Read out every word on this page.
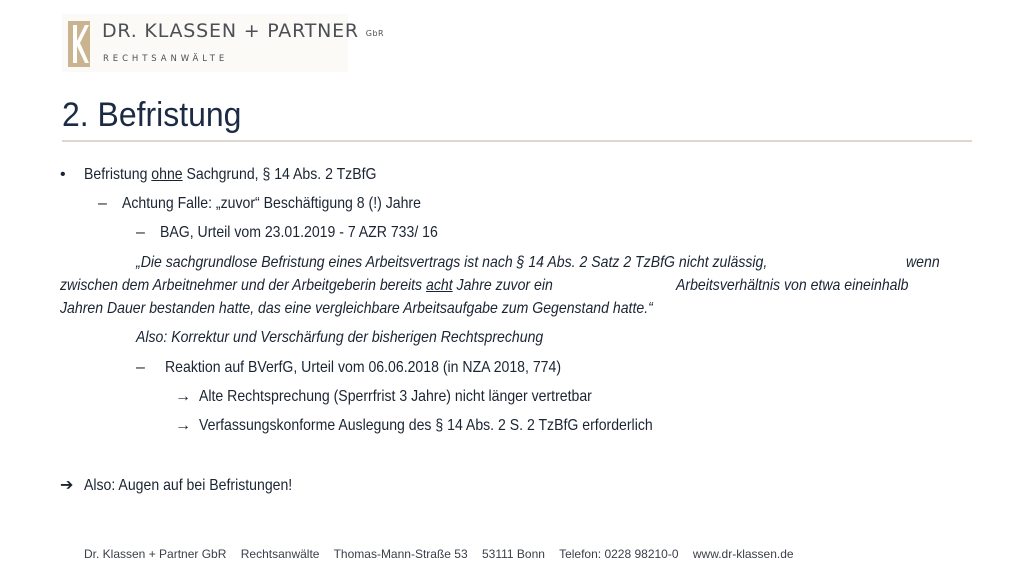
DR. KLASSEN + PARTNER GbR
RECHTSANWÄLTE
2. Befristung
• Befristung ohne Sachgrund, § 14 Abs. 2 TzBfG
– Achtung Falle: „zuvor“ Beschäftigung 8 (!) Jahre
– BAG, Urteil vom 23.01.2019 - 7 AZR 733/ 16
„Die sachgrundlose Befristung eines Arbeitsvertrags ist nach § 14 Abs. 2 Satz 2 TzBfG nicht zulässig,	wenn
zwischen dem Arbeitnehmer und der Arbeitgeberin bereits acht Jahre zuvor ein	Arbeitsverhältnis von etwa eineinhalb
Jahren Dauer bestanden hatte, das eine vergleichbare Arbeitsaufgabe zum Gegenstand hatte.“
Also: Korrektur und Verschärfung der bisherigen Rechtsprechung
– Reaktion auf BVerfG, Urteil vom 06.06.2018 (in NZA 2018, 774)
→ Alte Rechtsprechung (Sperrfrist 3 Jahre) nicht länger vertretbar
→ Verfassungskonforme Auslegung des § 14 Abs. 2 S. 2 TzBfG erforderlich
➔ Also: Augen auf bei Befristungen!
Dr. Klassen + Partner GbR Rechtsanwälte Thomas-Mann-Straße 53 53111 Bonn Telefon: 0228 98210-0 www.dr-klassen.de
